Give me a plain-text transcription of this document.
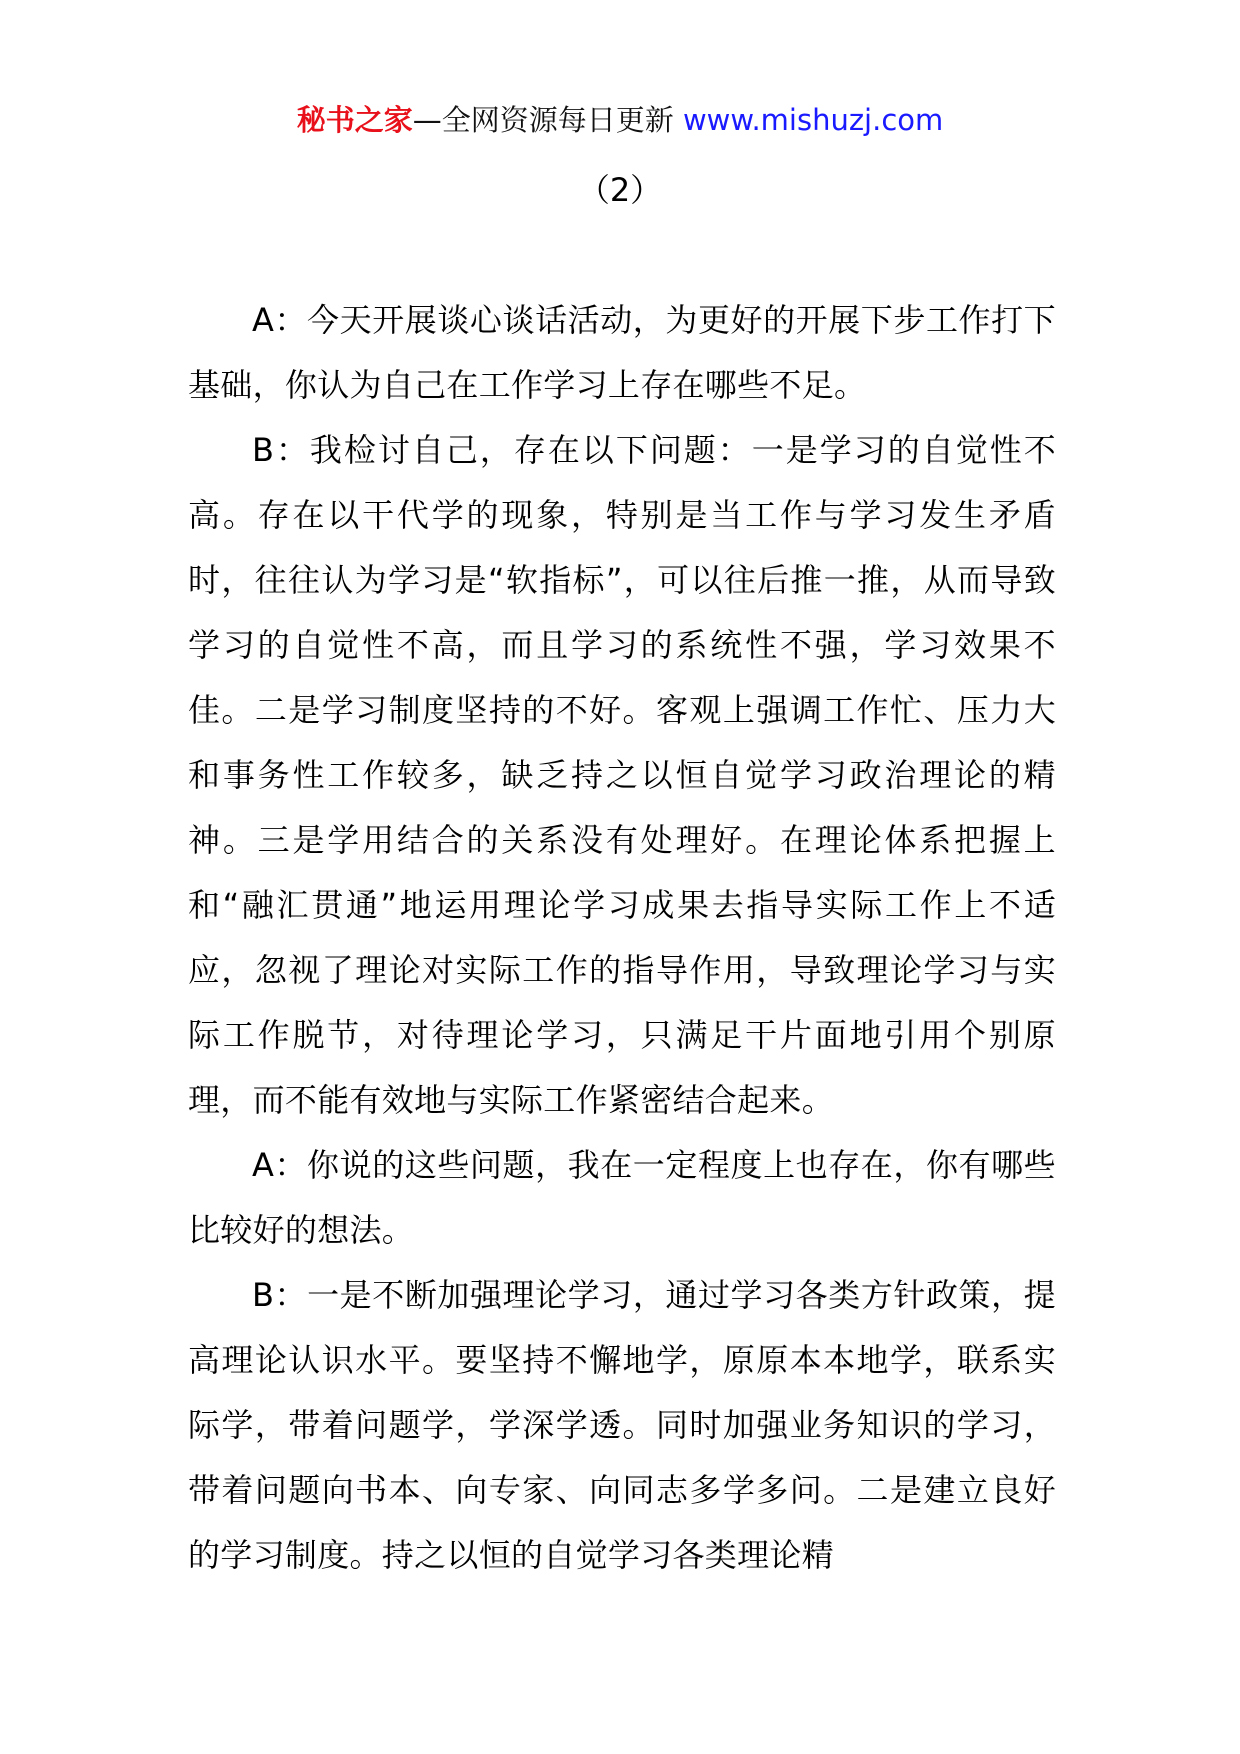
秘书之家—全网资源每日更新 www.mishuzj.com
（2）

A：今天开展谈心谈话活动，为更好的开展下步工作打下基础，你认为自己在工作学习上存在哪些不足。

B：我检讨自己，存在以下问题：一是学习的自觉性不高。存在以干代学的现象，特别是当工作与学习发生矛盾时，往往认为学习是“软指标”，可以往后推一推，从而导致学习的自觉性不高，而且学习的系统性不强，学习效果不佳。二是学习制度坚持的不好。客观上强调工作忙、压力大和事务性工作较多，缺乏持之以恒自觉学习政治理论的精神。三是学用结合的关系没有处理好。在理论体系把握上和“融汇贯通”地运用理论学习成果去指导实际工作上不适应，忽视了理论对实际工作的指导作用，导致理论学习与实际工作脱节，对待理论学习，只满足干片面地引用个别原理，而不能有效地与实际工作紧密结合起来。

A：你说的这些问题，我在一定程度上也存在，你有哪些比较好的想法。

B：一是不断加强理论学习，通过学习各类方针政策，提高理论认识水平。要坚持不懈地学，原原本本地学，联系实际学，带着问题学，学深学透。同时加强业务知识的学习，带着问题向书本、向专家、向同志多学多问。二是建立良好的学习制度。持之以恒的自觉学习各类理论精
